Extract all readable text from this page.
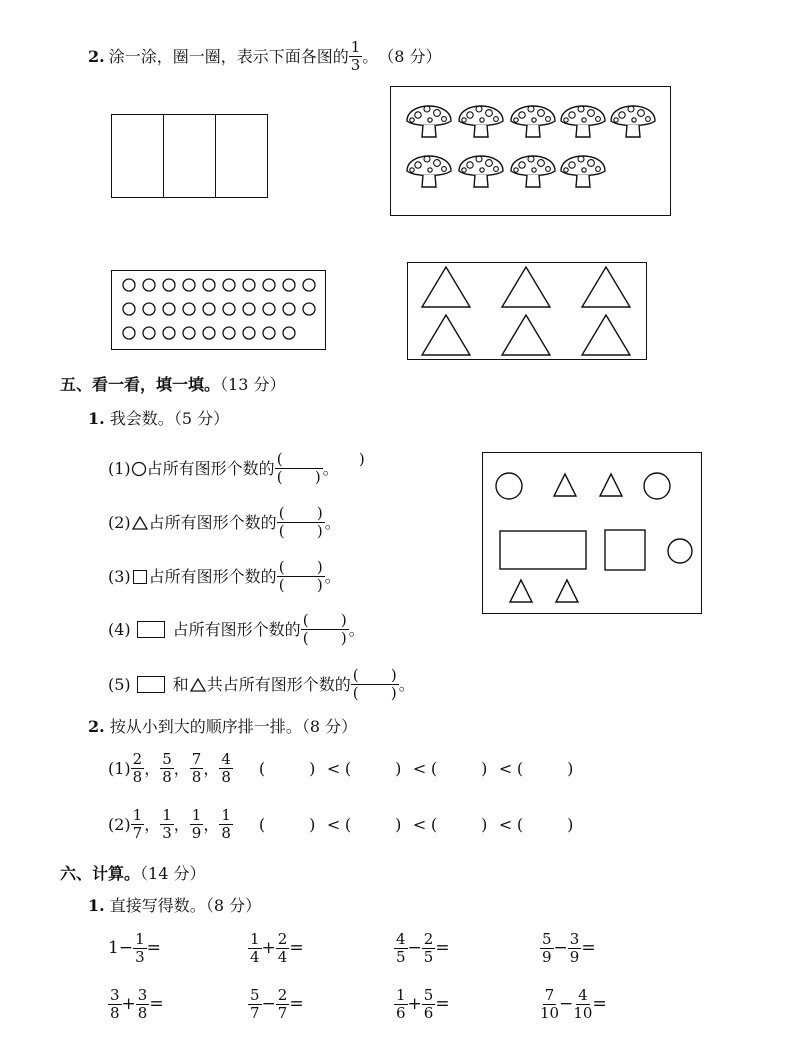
2. 涂一涂，圈一圈，表示下面各图的 $\frac{1}{3}$ 。 （8 分）
五、看一看，填一填。（13 分）
1. 我会数。（5 分）
(1) ○ 占所有图形个数的 (	)
( ) 。
(2) 占所有图形个数的 $\frac{( )}{( )}$ 。
(3) 占所有图形个数的 $\frac{( )}{( )}$ 。
(4)	占所有图形个数的 $\frac{( )}{( )}$ 。
(5)	和 共占所有图形个数的 $\frac{( )}{( )}$ 。
2. 按从小到大的顺序排一排。（8 分）
$(1) \frac{2}{8}$ ， $\frac{5}{8}$ ， $\frac{7}{8}$ ， $\frac{4}{8}$ (	) < (	) < (	) < (	)
$(2) \frac{1}{7}$ ， $\frac{1}{3}$ ， $\frac{1}{9}$ ， $\frac{1}{8}$ (	) < (	) < (	) < (	)
六、计算。（14 分）
1. 直接写得数。（8 分）
$1 - \frac{1}{3}$ =	$\frac{1}{4} + \frac{2}{4}$ =	$\frac{4}{5} - \frac{2}{5}$ =	$\frac{5}{9} - \frac{3}{9}$ =
$\frac{3}{8} + \frac{3}{8}$ =	$\frac{5}{7} - \frac{2}{7}$ =	$\frac{1}{6} + \frac{5}{6}$ =	$\frac{7}{10} - \frac{4}{10}$ =
